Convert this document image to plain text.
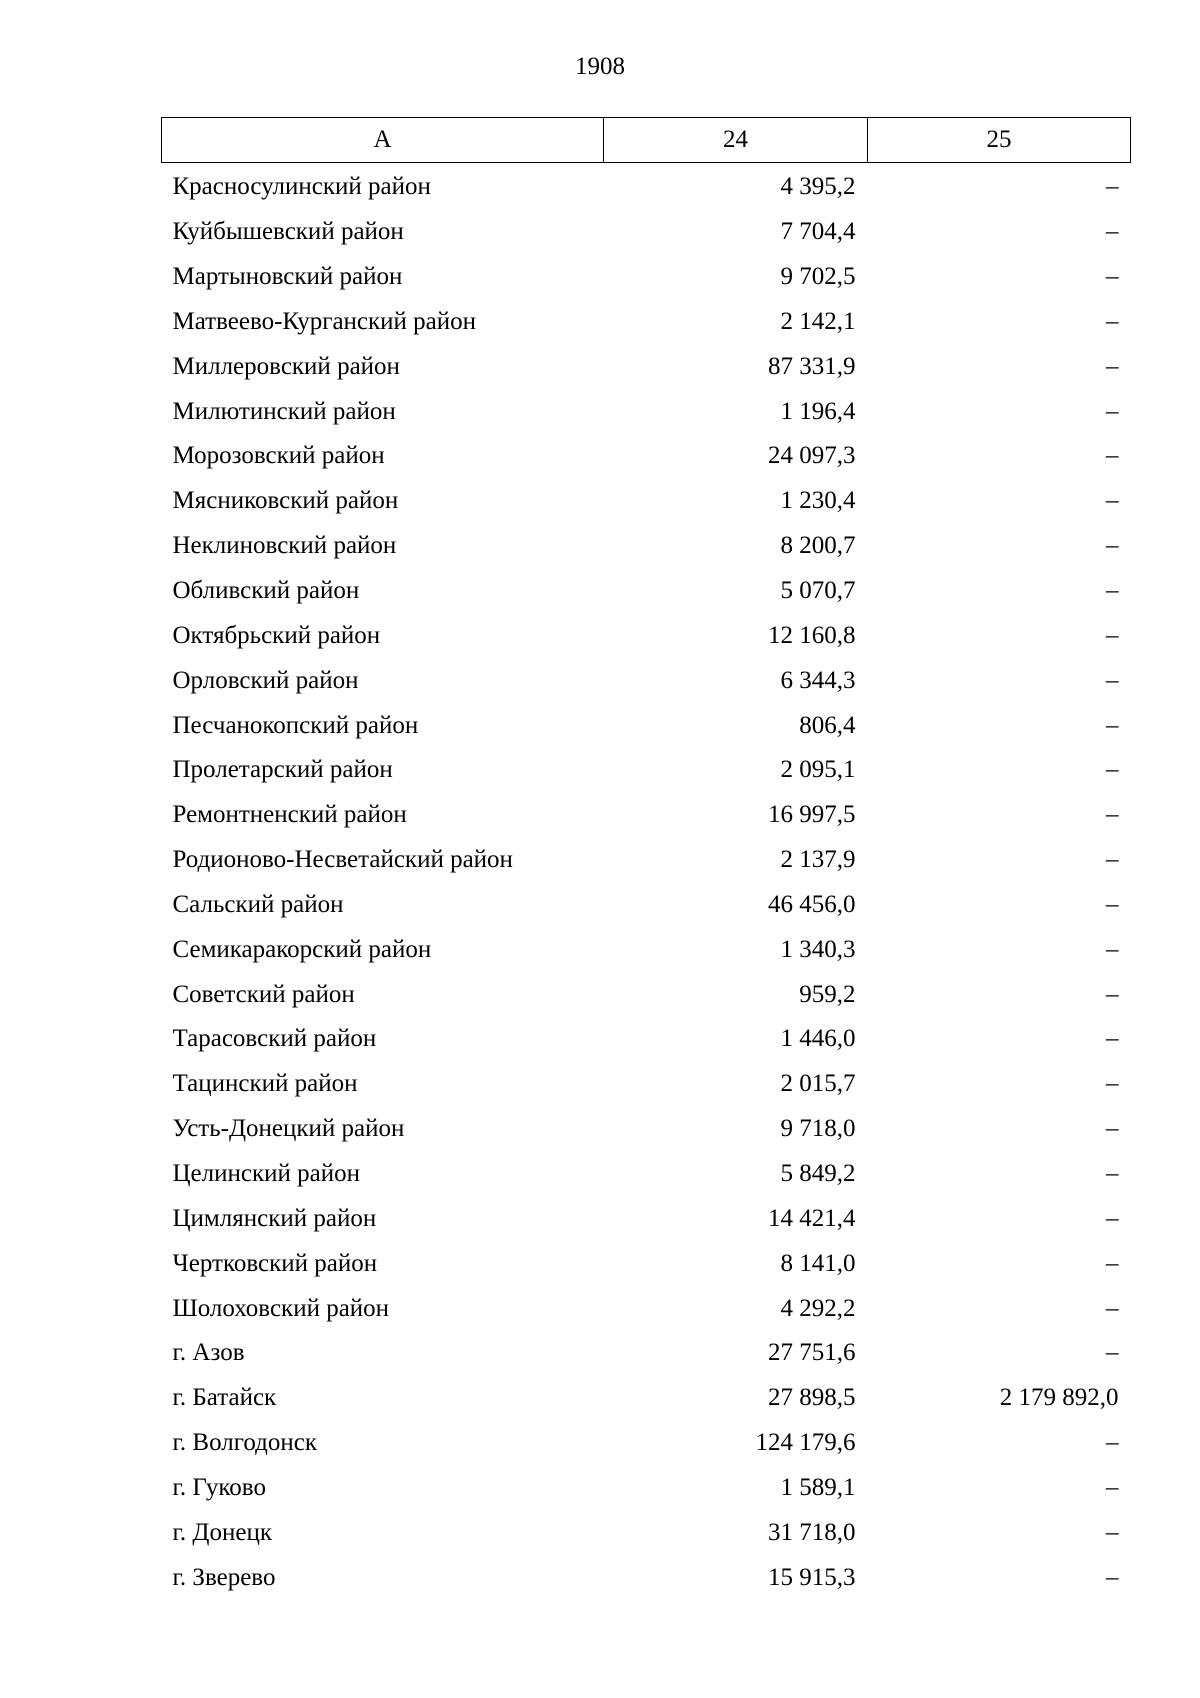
1908
А	24	25
Красносулинский район	4 395,2	–
Куйбышевский район	7 704,4	–
Мартыновский район	9 702,5	–
Матвеево-Курганский район	2 142,1	–
Миллеровский район	87 331,9	–
Милютинский район	1 196,4	–
Морозовский район	24 097,3	–
Мясниковский район	1 230,4	–
Неклиновский район	8 200,7	–
Обливский район	5 070,7	–
Октябрьский район	12 160,8	–
Орловский район	6 344,3	–
Песчанокопский район	806,4	–
Пролетарский район	2 095,1	–
Ремонтненский район	16 997,5	–
Родионово-Несветайский район	2 137,9	–
Сальский район	46 456,0	–
Семикаракорский район	1 340,3	–
Советский район	959,2	–
Тарасовский район	1 446,0	–
Тацинский район	2 015,7	–
Усть-Донецкий район	9 718,0	–
Целинский район	5 849,2	–
Цимлянский район	14 421,4	–
Чертковский район	8 141,0	–
Шолоховский район	4 292,2	–
г. Азов	27 751,6	–
г. Батайск	27 898,5	2 179 892,0
г. Волгодонск	124 179,6	–
г. Гуково	1 589,1	–
г. Донецк	31 718,0	–
г. Зверево	15 915,3	–
